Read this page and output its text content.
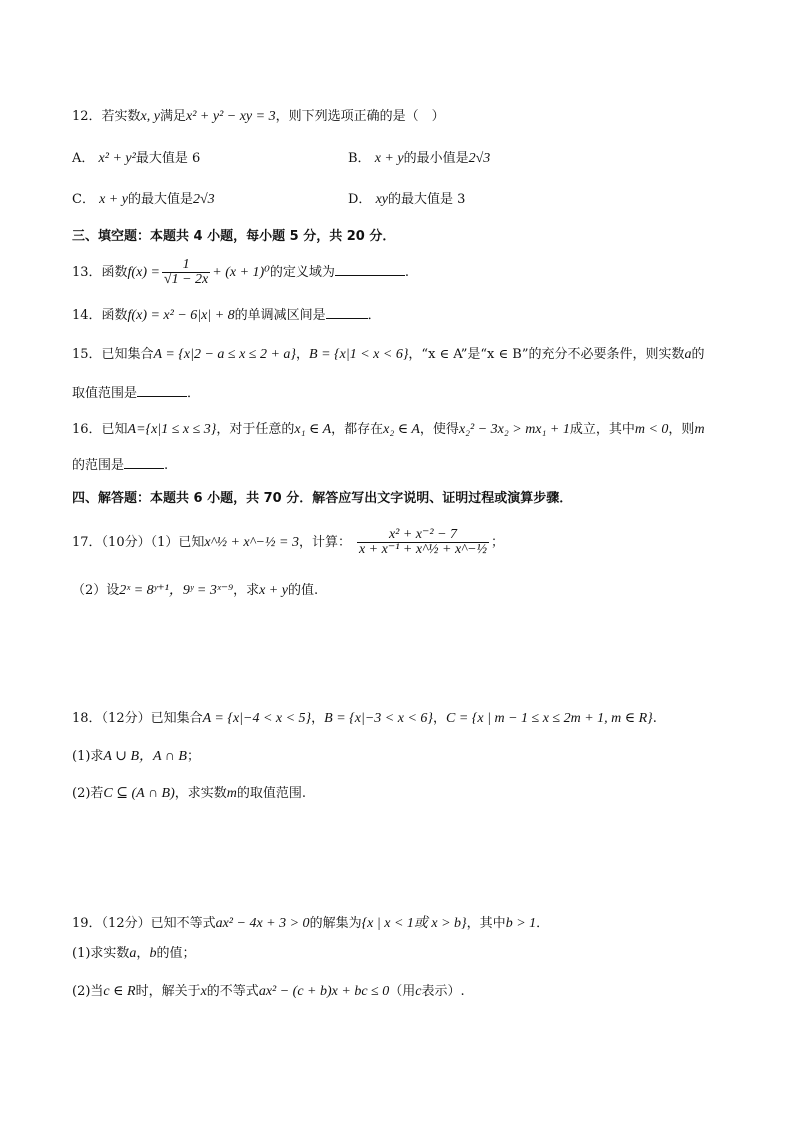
12．若实数x, y满足x² + y² − xy = 3，则下列选项正确的是（　）
A． x² + y²最大值是 6	B． x + y的最小值是2√3
C． x + y的最大值是2√3	D． xy的最大值是 3
三、填空题：本题共 4 小题，每小题 5 分，共 20 分．
13．函数$f(x) = \frac{1}{√1 - 2x} + (x + 1)^0$的定义域为	.
14．函数f(x) = x² − 6|x| + 8的单调减区间是	．
15．已知集合A = {x|2 − a ≤ x ≤ 2 + a}，B = {x|1 < x < 6}，“x ∈ A”是“x ∈ B”的充分不必要条件，则实数a的
取值范围是	．
16．已知A={x|1 ≤ x ≤ 3}，对于任意的x₁ ∈ A，都存在x₂ ∈ A，使得x₂² − 3x₂ > mx₁ + 1成立，其中m < 0，则m
的范围是	.
四、解答题：本题共 6 小题，共 70 分．解答应写出文字说明、证明过程或演算步骤．
17．（10分）（1）已知x^½ + x^−½ = 3，计算： $\frac{\text{x² + x⁻² − 7}}{\text{x + x⁻¹ + x\textasciicircum{}½ + x\textasciicircum{}−½}}$ ；
（2）设2ˣ = 8ʸ⁺¹，9ʸ = 3ˣ⁻⁹，求x + y的值.
18．（12分）已知集合A = {x|−4 < x < 5}，B = {x|−3 < x < 6}，C = {x | m − 1 ≤ x ≤ 2m + 1, m ∈ R}.
(1)求A ∪ B，A ∩ B；
(2)若C ⊆ (A ∩ B)，求实数m的取值范围.
19．（12分）已知不等式ax² − 4x + 3 > 0的解集为{x | x < 1或 x > b}，其中b > 1．
(1)求实数a，b的值；
(2)当c ∈ R时，解关于x的不等式ax² − (c + b)x + bc ≤ 0（用c表示）.
